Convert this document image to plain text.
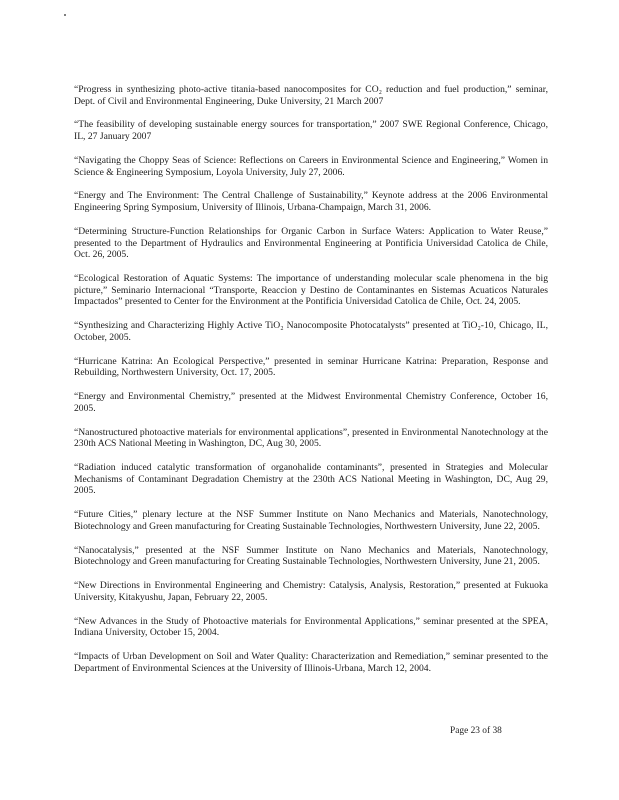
“Progress in synthesizing photo-active titania-based nanocomposites for CO₂ reduction and fuel production,” seminar, Dept. of Civil and Environmental Engineering, Duke University, 21 March 2007

“The feasibility of developing sustainable energy sources for transportation,” 2007 SWE Regional Conference, Chicago, IL, 27 January 2007

“Navigating the Choppy Seas of Science: Reflections on Careers in Environmental Science and Engineering,” Women in Science & Engineering Symposium, Loyola University, July 27, 2006.

“Energy and The Environment: The Central Challenge of Sustainability,” Keynote address at the 2006 Environmental Engineering Spring Symposium, University of Illinois, Urbana-Champaign, March 31, 2006.

“Determining Structure-Function Relationships for Organic Carbon in Surface Waters: Application to Water Reuse,” presented to the Department of Hydraulics and Environmental Engineering at Pontificia Universidad Catolica de Chile, Oct. 26, 2005.

“Ecological Restoration of Aquatic Systems: The importance of understanding molecular scale phenomena in the big picture,” Seminario Internacional “Transporte, Reaccion y Destino de Contaminantes en Sistemas Acuaticos Naturales Impactados” presented to Center for the Environment at the Pontificia Universidad Catolica de Chile, Oct. 24, 2005.

“Synthesizing and Characterizing Highly Active TiO₂ Nanocomposite Photocatalysts” presented at TiO₂-10, Chicago, IL, October, 2005.

“Hurricane Katrina: An Ecological Perspective,” presented in seminar Hurricane Katrina: Preparation, Response and Rebuilding, Northwestern University, Oct. 17, 2005.

“Energy and Environmental Chemistry,” presented at the Midwest Environmental Chemistry Conference, October 16, 2005.

“Nanostructured photoactive materials for environmental applications”, presented in Environmental Nanotechnology at the 230th ACS National Meeting in Washington, DC, Aug 30, 2005.

“Radiation induced catalytic transformation of organohalide contaminants”, presented in Strategies and Molecular Mechanisms of Contaminant Degradation Chemistry at the 230th ACS National Meeting in Washington, DC, Aug 29, 2005.

“Future Cities,” plenary lecture at the NSF Summer Institute on Nano Mechanics and Materials, Nanotechnology, Biotechnology and Green manufacturing for Creating Sustainable Technologies, Northwestern University, June 22, 2005.

“Nanocatalysis,” presented at the NSF Summer Institute on Nano Mechanics and Materials, Nanotechnology, Biotechnology and Green manufacturing for Creating Sustainable Technologies, Northwestern University, June 21, 2005.

“New Directions in Environmental Engineering and Chemistry: Catalysis, Analysis, Restoration,” presented at Fukuoka University, Kitakyushu, Japan, February 22, 2005.

“New Advances in the Study of Photoactive materials for Environmental Applications,” seminar presented at the SPEA, Indiana University, October 15, 2004.

“Impacts of Urban Development on Soil and Water Quality: Characterization and Remediation,” seminar presented to the Department of Environmental Sciences at the University of Illinois-Urbana, March 12, 2004.

Page 23 of 38
